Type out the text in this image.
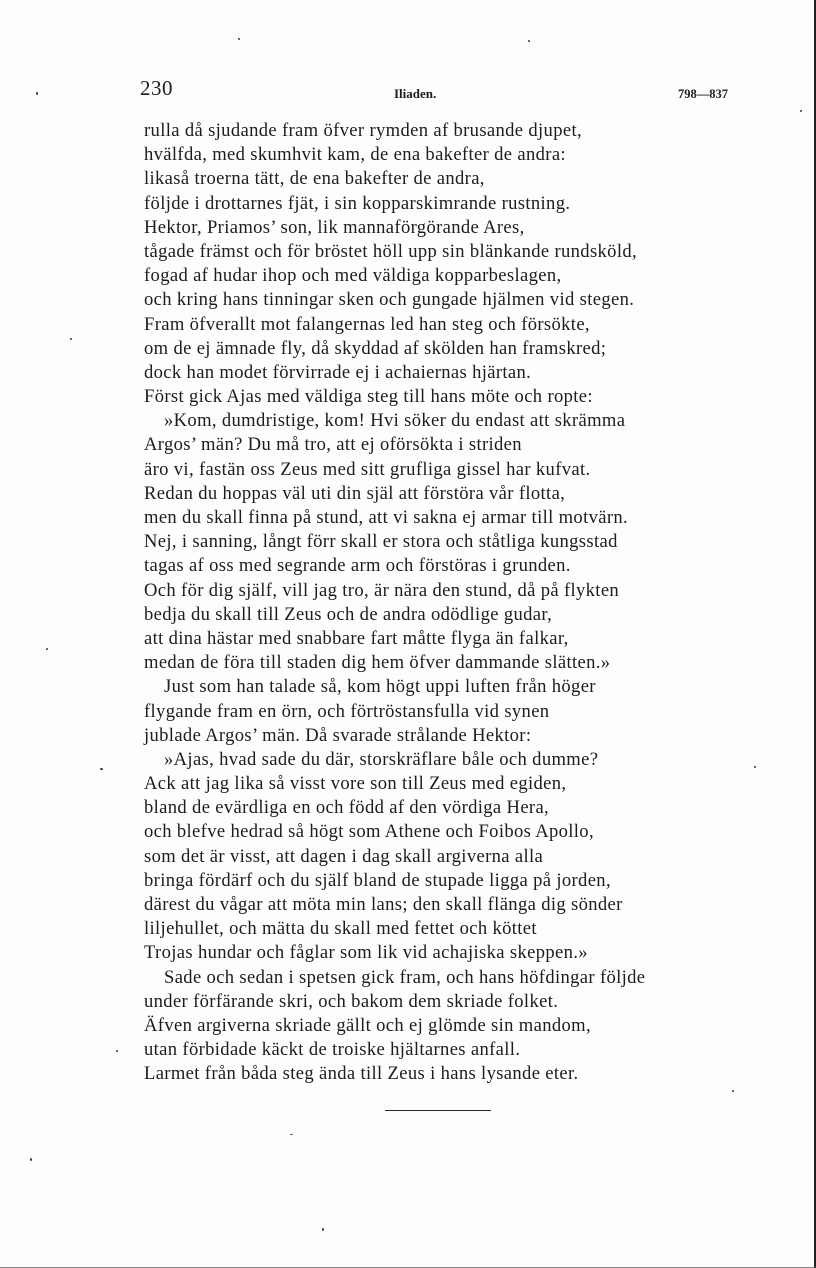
230	Iliaden.	798—837
rulla då sjudande fram öfver rymden af brusande djupet,
hvälfda, med skumhvit kam, de ena bakefter de andra:
likaså troerna tätt, de ena bakefter de andra,
följde i drottarnes fjät, i sin kopparskimrande rustning.
Hektor, Priamos’ son, lik mannaförgörande Ares,
tågade främst och för bröstet höll upp sin blänkande rundsköld,
fogad af hudar ihop och med väldiga kopparbeslagen,
och kring hans tinningar sken och gungade hjälmen vid stegen.
Fram öfverallt mot falangernas led han steg och försökte,
om de ej ämnade fly, då skyddad af skölden han framskred;
dock han modet förvirrade ej i achaiernas hjärtan.
Först gick Ajas med väldiga steg till hans möte och ropte:
»Kom, dumdristige, kom! Hvi söker du endast att skrämma
Argos’ män? Du må tro, att ej oförsökta i striden
äro vi, fastän oss Zeus med sitt grufliga gissel har kufvat.
Redan du hoppas väl uti din själ att förstöra vår flotta,
men du skall finna på stund, att vi sakna ej armar till motvärn.
Nej, i sanning, långt förr skall er stora och ståtliga kungsstad
tagas af oss med segrande arm och förstöras i grunden.
Och för dig själf, vill jag tro, är nära den stund, då på flykten
bedja du skall till Zeus och de andra odödlige gudar,
att dina hästar med snabbare fart måtte flyga än falkar,
medan de föra till staden dig hem öfver dammande slätten.»
Just som han talade så, kom högt uppi luften från höger
flygande fram en örn, och förtröstansfulla vid synen
jublade Argos’ män. Då svarade strålande Hektor:
»Ajas, hvad sade du där, storskräflare båle och dumme?
Ack att jag lika så visst vore son till Zeus med egiden,
bland de evärdliga en och född af den vördiga Hera,
och blefve hedrad så högt som Athene och Foibos Apollo,
som det är visst, att dagen i dag skall argiverna alla
bringa fördärf och du själf bland de stupade ligga på jorden,
därest du vågar att möta min lans; den skall flänga dig sönder
liljehullet, och mätta du skall med fettet och köttet
Trojas hundar och fåglar som lik vid achajiska skeppen.»
Sade och sedan i spetsen gick fram, och hans höfdingar följde
under förfärande skri, och bakom dem skriade folket.
Äfven argiverna skriade gällt och ej glömde sin mandom,
utan förbidade käckt de troiske hjältarnes anfall.
Larmet från båda steg ända till Zeus i hans lysande eter.
